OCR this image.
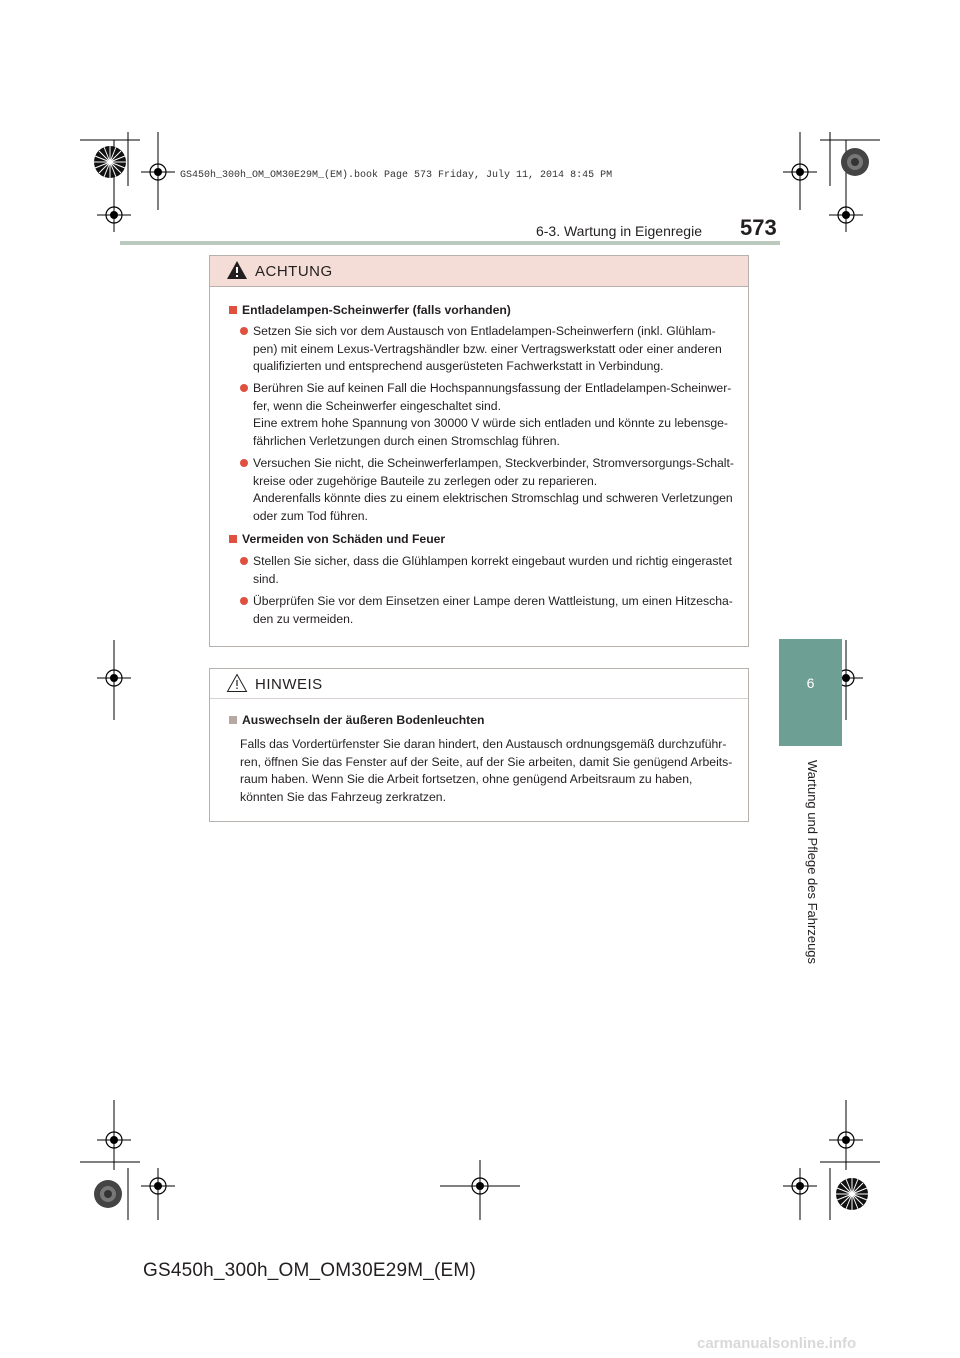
GS450h_300h_OM_OM30E29M_(EM).book Page 573 Friday, July 11, 2014 8:45 PM
6-3. Wartung in Eigenregie 573
6
Wartung und Pflege des Fahrzeugs
ACHTUNG
Entladelampen-Scheinwerfer (falls vorhanden)
Setzen Sie sich vor dem Austausch von Entladelampen-Scheinwerfern (inkl. Glühlam-
pen) mit einem Lexus-Vertragshändler bzw. einer Vertragswerkstatt oder einer anderen
qualifizierten und entsprechend ausgerüsteten Fachwerkstatt in Verbindung.
Berühren Sie auf keinen Fall die Hochspannungsfassung der Entladelampen-Scheinwer-
fer, wenn die Scheinwerfer eingeschaltet sind.
Eine extrem hohe Spannung von 30000 V würde sich entladen und könnte zu lebensge-
fährlichen Verletzungen durch einen Stromschlag führen.
Versuchen Sie nicht, die Scheinwerferlampen, Steckverbinder, Stromversorgungs-Schalt-
kreise oder zugehörige Bauteile zu zerlegen oder zu reparieren.
Anderenfalls könnte dies zu einem elektrischen Stromschlag und schweren Verletzungen
oder zum Tod führen.
Vermeiden von Schäden und Feuer
Stellen Sie sicher, dass die Glühlampen korrekt eingebaut wurden und richtig eingerastet
sind.
Überprüfen Sie vor dem Einsetzen einer Lampe deren Wattleistung, um einen Hitzescha-
den zu vermeiden.
HINWEIS
Auswechseln der äußeren Bodenleuchten
Falls das Vordertürfenster Sie daran hindert, den Austausch ordnungsgemäß durchzuführ-
ren, öffnen Sie das Fenster auf der Seite, auf der Sie arbeiten, damit Sie genügend Arbeits-
raum haben. Wenn Sie die Arbeit fortsetzen, ohne genügend Arbeitsraum zu haben,
könnten Sie das Fahrzeug zerkratzen.
GS450h_300h_OM_OM30E29M_(EM)
carmanualsonline.info
